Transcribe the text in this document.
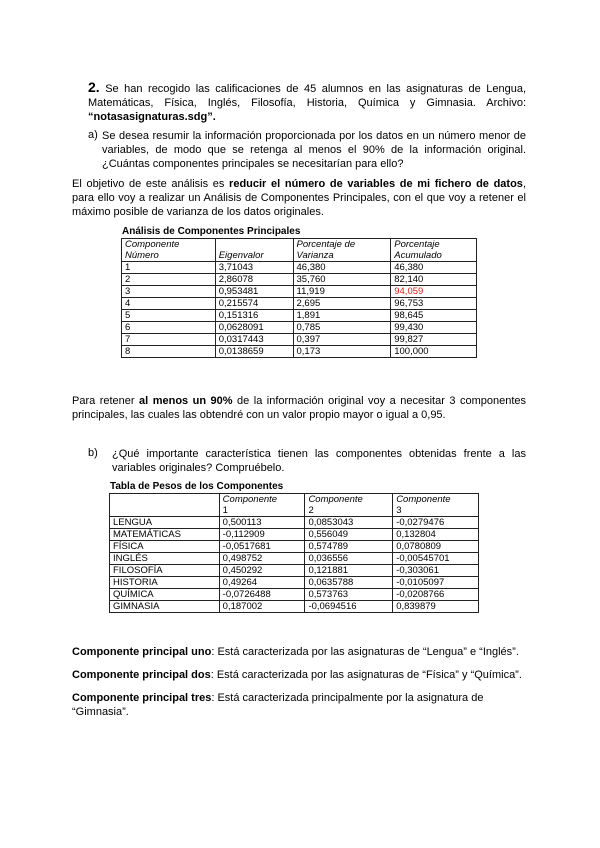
2. Se han recogido las calificaciones de 45 alumnos en las asignaturas de Lengua, Matemáticas, Física, Inglés, Filosofía, Historia, Química y Gimnasia. Archivo: “notasasignaturas.sdg”.

a) Se desea resumir la información proporcionada por los datos en un número menor de variables, de modo que se retenga al menos el 90% de la información original. ¿Cuántas componentes principales se necesitarían para ello?

El objetivo de este análisis es reducir el número de variables de mi fichero de datos, para ello voy a realizar un Análisis de Componentes Principales, con el que voy a retener el máximo posible de varianza de los datos originales.

Análisis de Componentes Principales
Componente		Porcentaje de	Porcentaje
Número	Eigenvalor	Varianza	Acumulado
1	3,71043	46,380	46,380
2	2,86078	35,760	82,140
3	0,953481	11,919	94,059
4	0,215574	2,695	96,753
5	0,151316	1,891	98,645
6	0,0628091	0,785	99,430
7	0,0317443	0,397	99,827
8	0,0138659	0,173	100,000

Para retener al menos un 90% de la información original voy a necesitar 3 componentes principales, las cuales las obtendré con un valor propio mayor o igual a 0,95.

b) ¿Qué importante característica tienen las componentes obtenidas frente a las variables originales? Compruébelo.

Tabla de Pesos de los Componentes
	Componente	Componente	Componente
	1	2	3
LENGUA	0,500113	0,0853043	-0,0279476
MATEMÁTICAS	-0,112909	0,556049	0,132804
FÍSICA	-0,0517681	0,574789	0,0780809
INGLÉS	0,498752	0,036556	-0,00545701
FILOSOFÍA	0,450292	0,121881	-0,303061
HISTORIA	0,49264	0,0635788	-0,0105097
QUÍMICA	-0,0726488	0,573763	-0,0208766
GIMNASIA	0,187002	-0,0694516	0,839879

Componente principal uno: Está caracterizada por las asignaturas de “Lengua” e “Inglés”.

Componente principal dos: Está caracterizada por las asignaturas de “Física” y “Química”.

Componente principal tres: Está caracterizada principalmente por la asignatura de “Gimnasia”.
